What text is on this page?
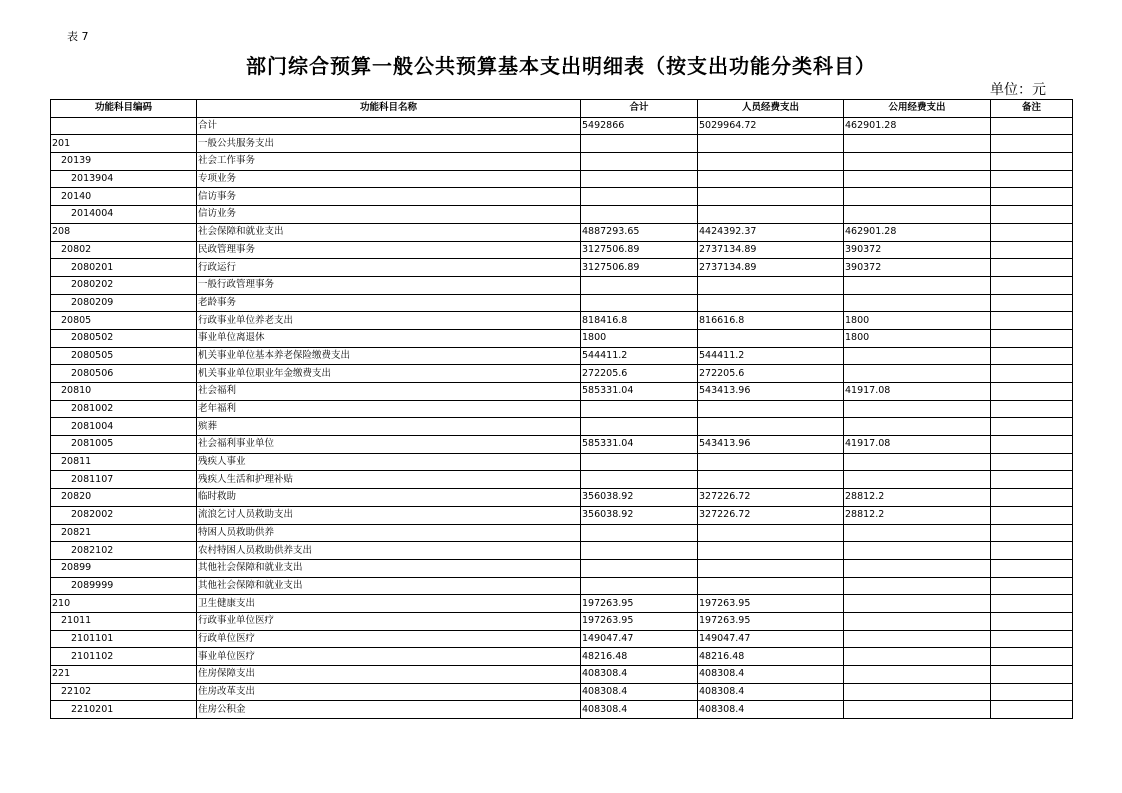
表 7
部门综合预算一般公共预算基本支出明细表（按支出功能分类科目）
单位：元
功能科目编码	功能科目名称	合计	人员经费支出	公用经费支出	备注
	合计	5492866	5029964.72	462901.28	
201	一般公共服务支出				
20139	社会工作事务				
2013904	专项业务				
20140	信访事务				
2014004	信访业务				
208	社会保障和就业支出	4887293.65	4424392.37	462901.28	
20802	民政管理事务	3127506.89	2737134.89	390372	
2080201	行政运行	3127506.89	2737134.89	390372	
2080202	一般行政管理事务				
2080209	老龄事务				
20805	行政事业单位养老支出	818416.8	816616.8	1800	
2080502	事业单位离退休	1800		1800	
2080505	机关事业单位基本养老保险缴费支出	544411.2	544411.2		
2080506	机关事业单位职业年金缴费支出	272205.6	272205.6		
20810	社会福利	585331.04	543413.96	41917.08	
2081002	老年福利				
2081004	殡葬				
2081005	社会福利事业单位	585331.04	543413.96	41917.08	
20811	残疾人事业				
2081107	残疾人生活和护理补贴				
20820	临时救助	356038.92	327226.72	28812.2	
2082002	流浪乞讨人员救助支出	356038.92	327226.72	28812.2	
20821	特困人员救助供养				
2082102	农村特困人员救助供养支出				
20899	其他社会保障和就业支出				
2089999	其他社会保障和就业支出				
210	卫生健康支出	197263.95	197263.95		
21011	行政事业单位医疗	197263.95	197263.95		
2101101	行政单位医疗	149047.47	149047.47		
2101102	事业单位医疗	48216.48	48216.48		
221	住房保障支出	408308.4	408308.4		
22102	住房改革支出	408308.4	408308.4		
2210201	住房公积金	408308.4	408308.4		
